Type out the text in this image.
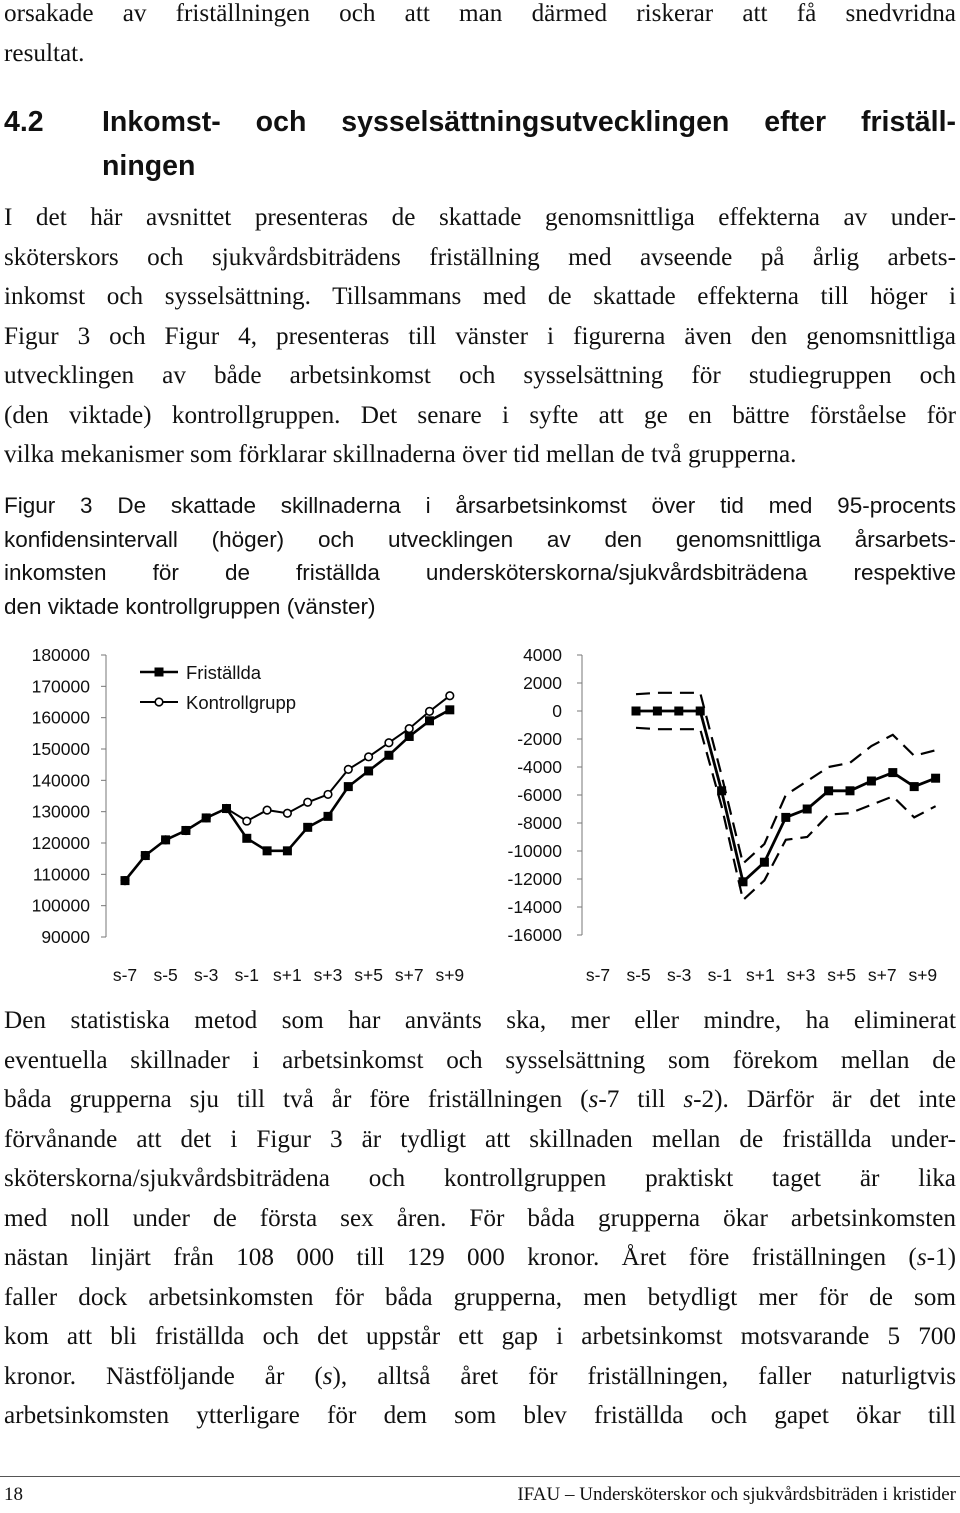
orsakade av friställningen och att man därmed riskerar att få snedvridna
resultat.
4.2 Inkomst- och sysselsättningsutvecklingen efter friställ-
ningen
I det här avsnittet presenteras de skattade genomsnittliga effekterna av under-
sköterskors och sjukvårdsbiträdens friställning med avseende på årlig arbets-
inkomst och sysselsättning. Tillsammans med de skattade effekterna till höger i
Figur 3 och Figur 4, presenteras till vänster i figurerna även den genomsnittliga
utvecklingen av både arbetsinkomst och sysselsättning för studiegruppen och
(den viktade) kontrollgruppen. Det senare i syfte att ge en bättre förståelse för
vilka mekanismer som förklarar skillnaderna över tid mellan de två grupperna.
Figur 3 De skattade skillnaderna i årsarbetsinkomst över tid med 95-procents
konfidensintervall (höger) och utvecklingen av den genomsnittliga årsarbets-
inkomsten för de friställda undersköterskorna/sjukvårdsbiträdena respektive
den viktade kontrollgruppen (vänster)
180000
170000
160000
150000
140000
130000
120000
110000
100000
90000
s-7 s-5 s-3 s-1 s+1 s+3 s+5 s+7 s+9
Friställda
Kontrollgrupp
4000
2000
0
-2000
-4000
-6000
-8000
-10000
-12000
-14000
-16000
s-7 s-5 s-3 s-1 s+1 s+3 s+5 s+7 s+9
Den statistiska metod som har använts ska, mer eller mindre, ha eliminerat
eventuella skillnader i arbetsinkomst och sysselsättning som förekom mellan de
båda grupperna sju till två år före friställningen (s-7 till s-2). Därför är det inte
förvånande att det i Figur 3 är tydligt att skillnaden mellan de friställda under-
sköterskorna/sjukvårdsbiträdena och kontrollgruppen praktiskt taget är lika
med noll under de första sex åren. För båda grupperna ökar arbetsinkomsten
nästan linjärt från 108 000 till 129 000 kronor. Året före friställningen (s-1)
faller dock arbetsinkomsten för båda grupperna, men betydligt mer för de som
kom att bli friställda och det uppstår ett gap i arbetsinkomst motsvarande 5 700
kronor. Nästföljande år (s), alltså året för friställningen, faller naturligtvis
arbetsinkomsten ytterligare för dem som blev friställda och gapet ökar till
18	IFAU – Undersköterskor och sjukvårdsbiträden i kristider
